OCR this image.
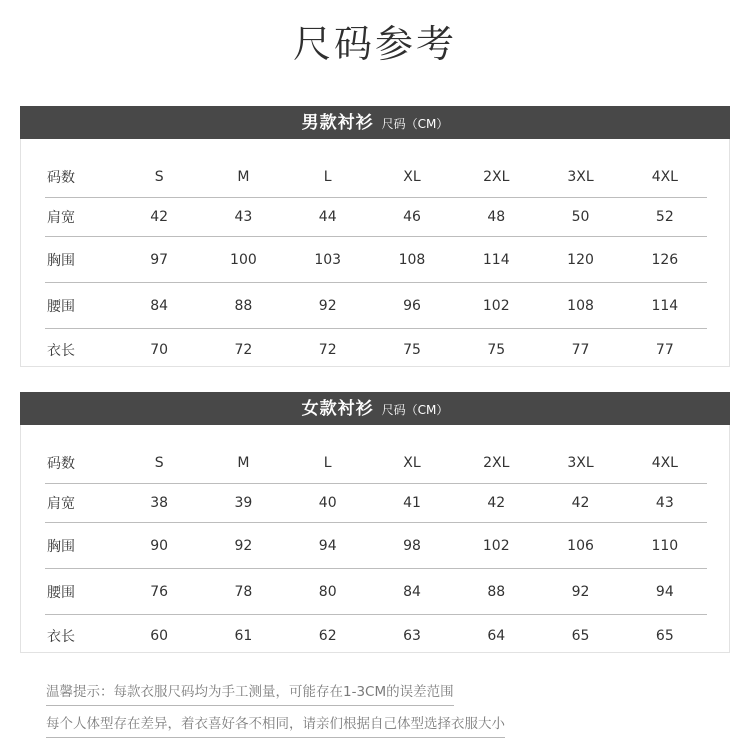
尺码参考
男款衬衫 尺码（CM）
码数	S	M	L	XL	2XL	3XL	4XL
肩宽	42	43	44	46	48	50	52
胸围	97	100	103	108	114	120	126
腰围	84	88	92	96	102	108	114
衣长	70	72	72	75	75	77	77
女款衬衫 尺码（CM）
码数	S	M	L	XL	2XL	3XL	4XL
肩宽	38	39	40	41	42	42	43
胸围	90	92	94	98	102	106	110
腰围	76	78	80	84	88	92	94
衣长	60	61	62	63	64	65	65
温馨提示：每款衣服尺码均为手工测量，可能存在1-3CM的误差范围
每个人体型存在差异，着衣喜好各不相同，请亲们根据自己体型选择衣服大小
